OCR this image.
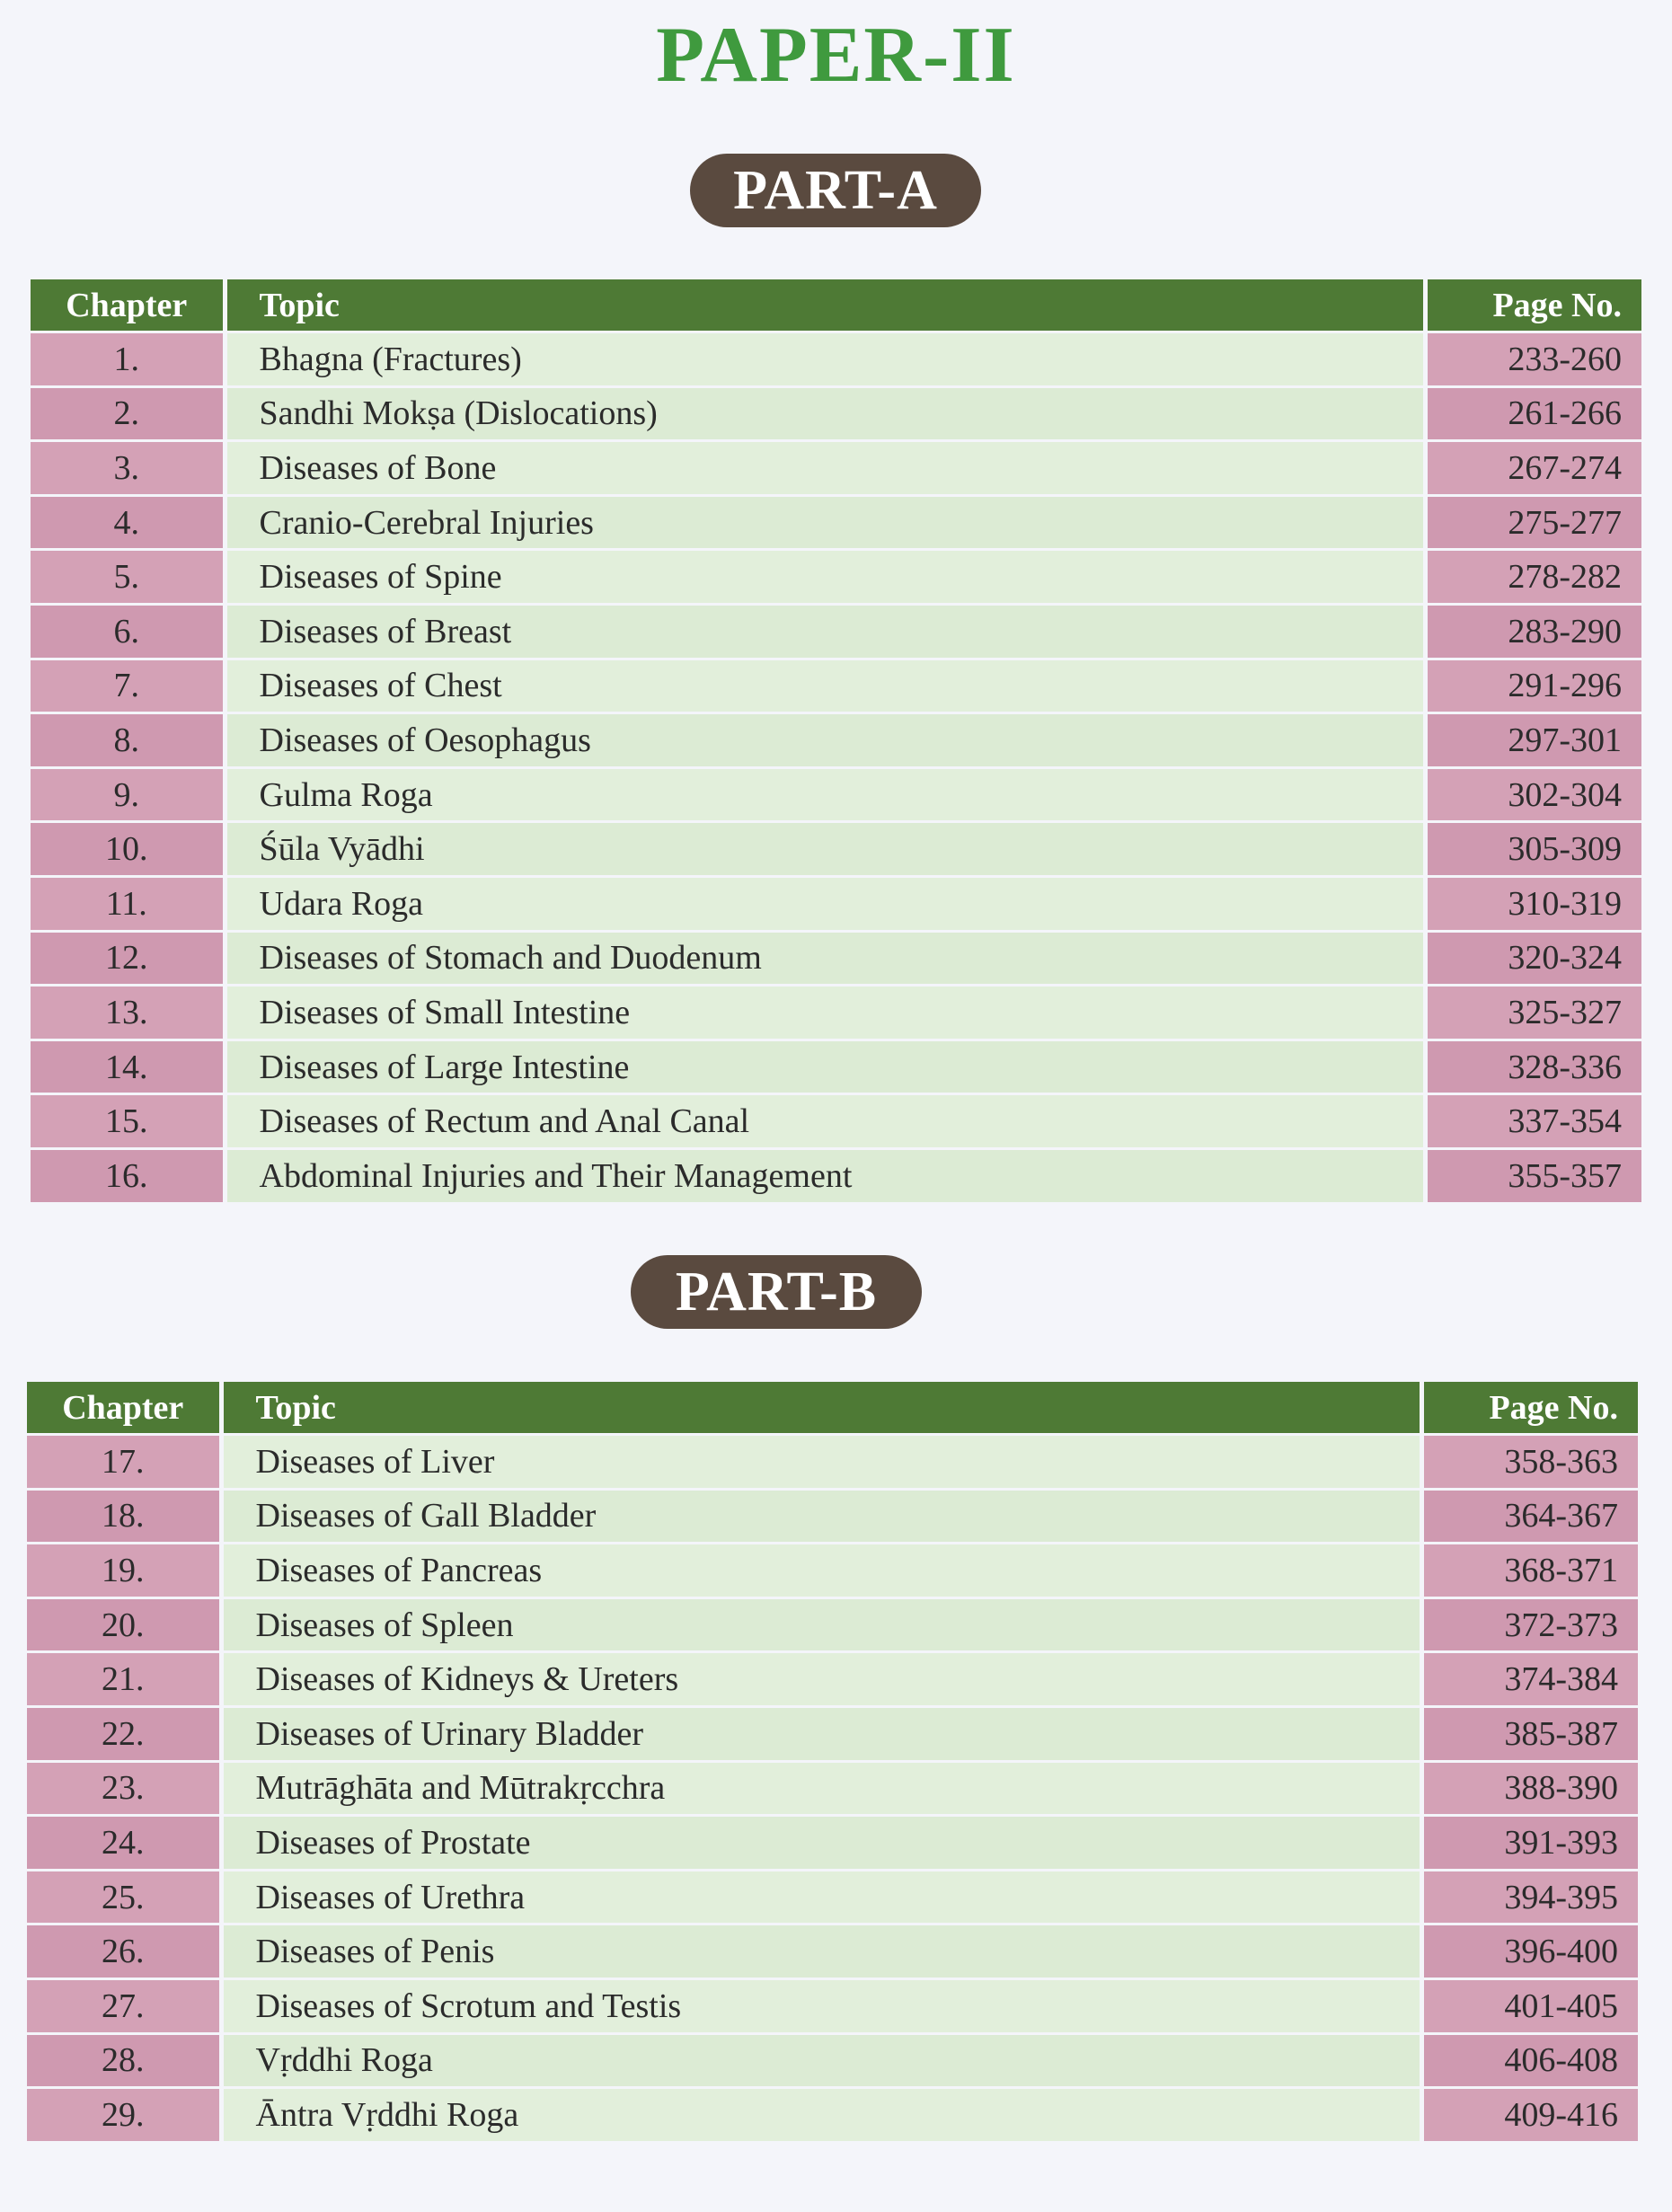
PAPER-II
PART-A
Chapter	Topic	Page No.
1.	Bhagna (Fractures)	233-260
2.	Sandhi Mokṣa (Dislocations)	261-266
3.	Diseases of Bone	267-274
4.	Cranio-Cerebral Injuries	275-277
5.	Diseases of Spine	278-282
6.	Diseases of Breast	283-290
7.	Diseases of Chest	291-296
8.	Diseases of Oesophagus	297-301
9.	Gulma Roga	302-304
10.	Śūla Vyādhi	305-309
11.	Udara Roga	310-319
12.	Diseases of Stomach and Duodenum	320-324
13.	Diseases of Small Intestine	325-327
14.	Diseases of Large Intestine	328-336
15.	Diseases of Rectum and Anal Canal	337-354
16.	Abdominal Injuries and Their Management	355-357
PART-B
Chapter	Topic	Page No.
17.	Diseases of Liver	358-363
18.	Diseases of Gall Bladder	364-367
19.	Diseases of Pancreas	368-371
20.	Diseases of Spleen	372-373
21.	Diseases of Kidneys & Ureters	374-384
22.	Diseases of Urinary Bladder	385-387
23.	Mutrāghāta and Mūtrakṛcchra	388-390
24.	Diseases of Prostate	391-393
25.	Diseases of Urethra	394-395
26.	Diseases of Penis	396-400
27.	Diseases of Scrotum and Testis	401-405
28.	Vṛddhi Roga	406-408
29.	Āntra Vṛddhi Roga	409-416
